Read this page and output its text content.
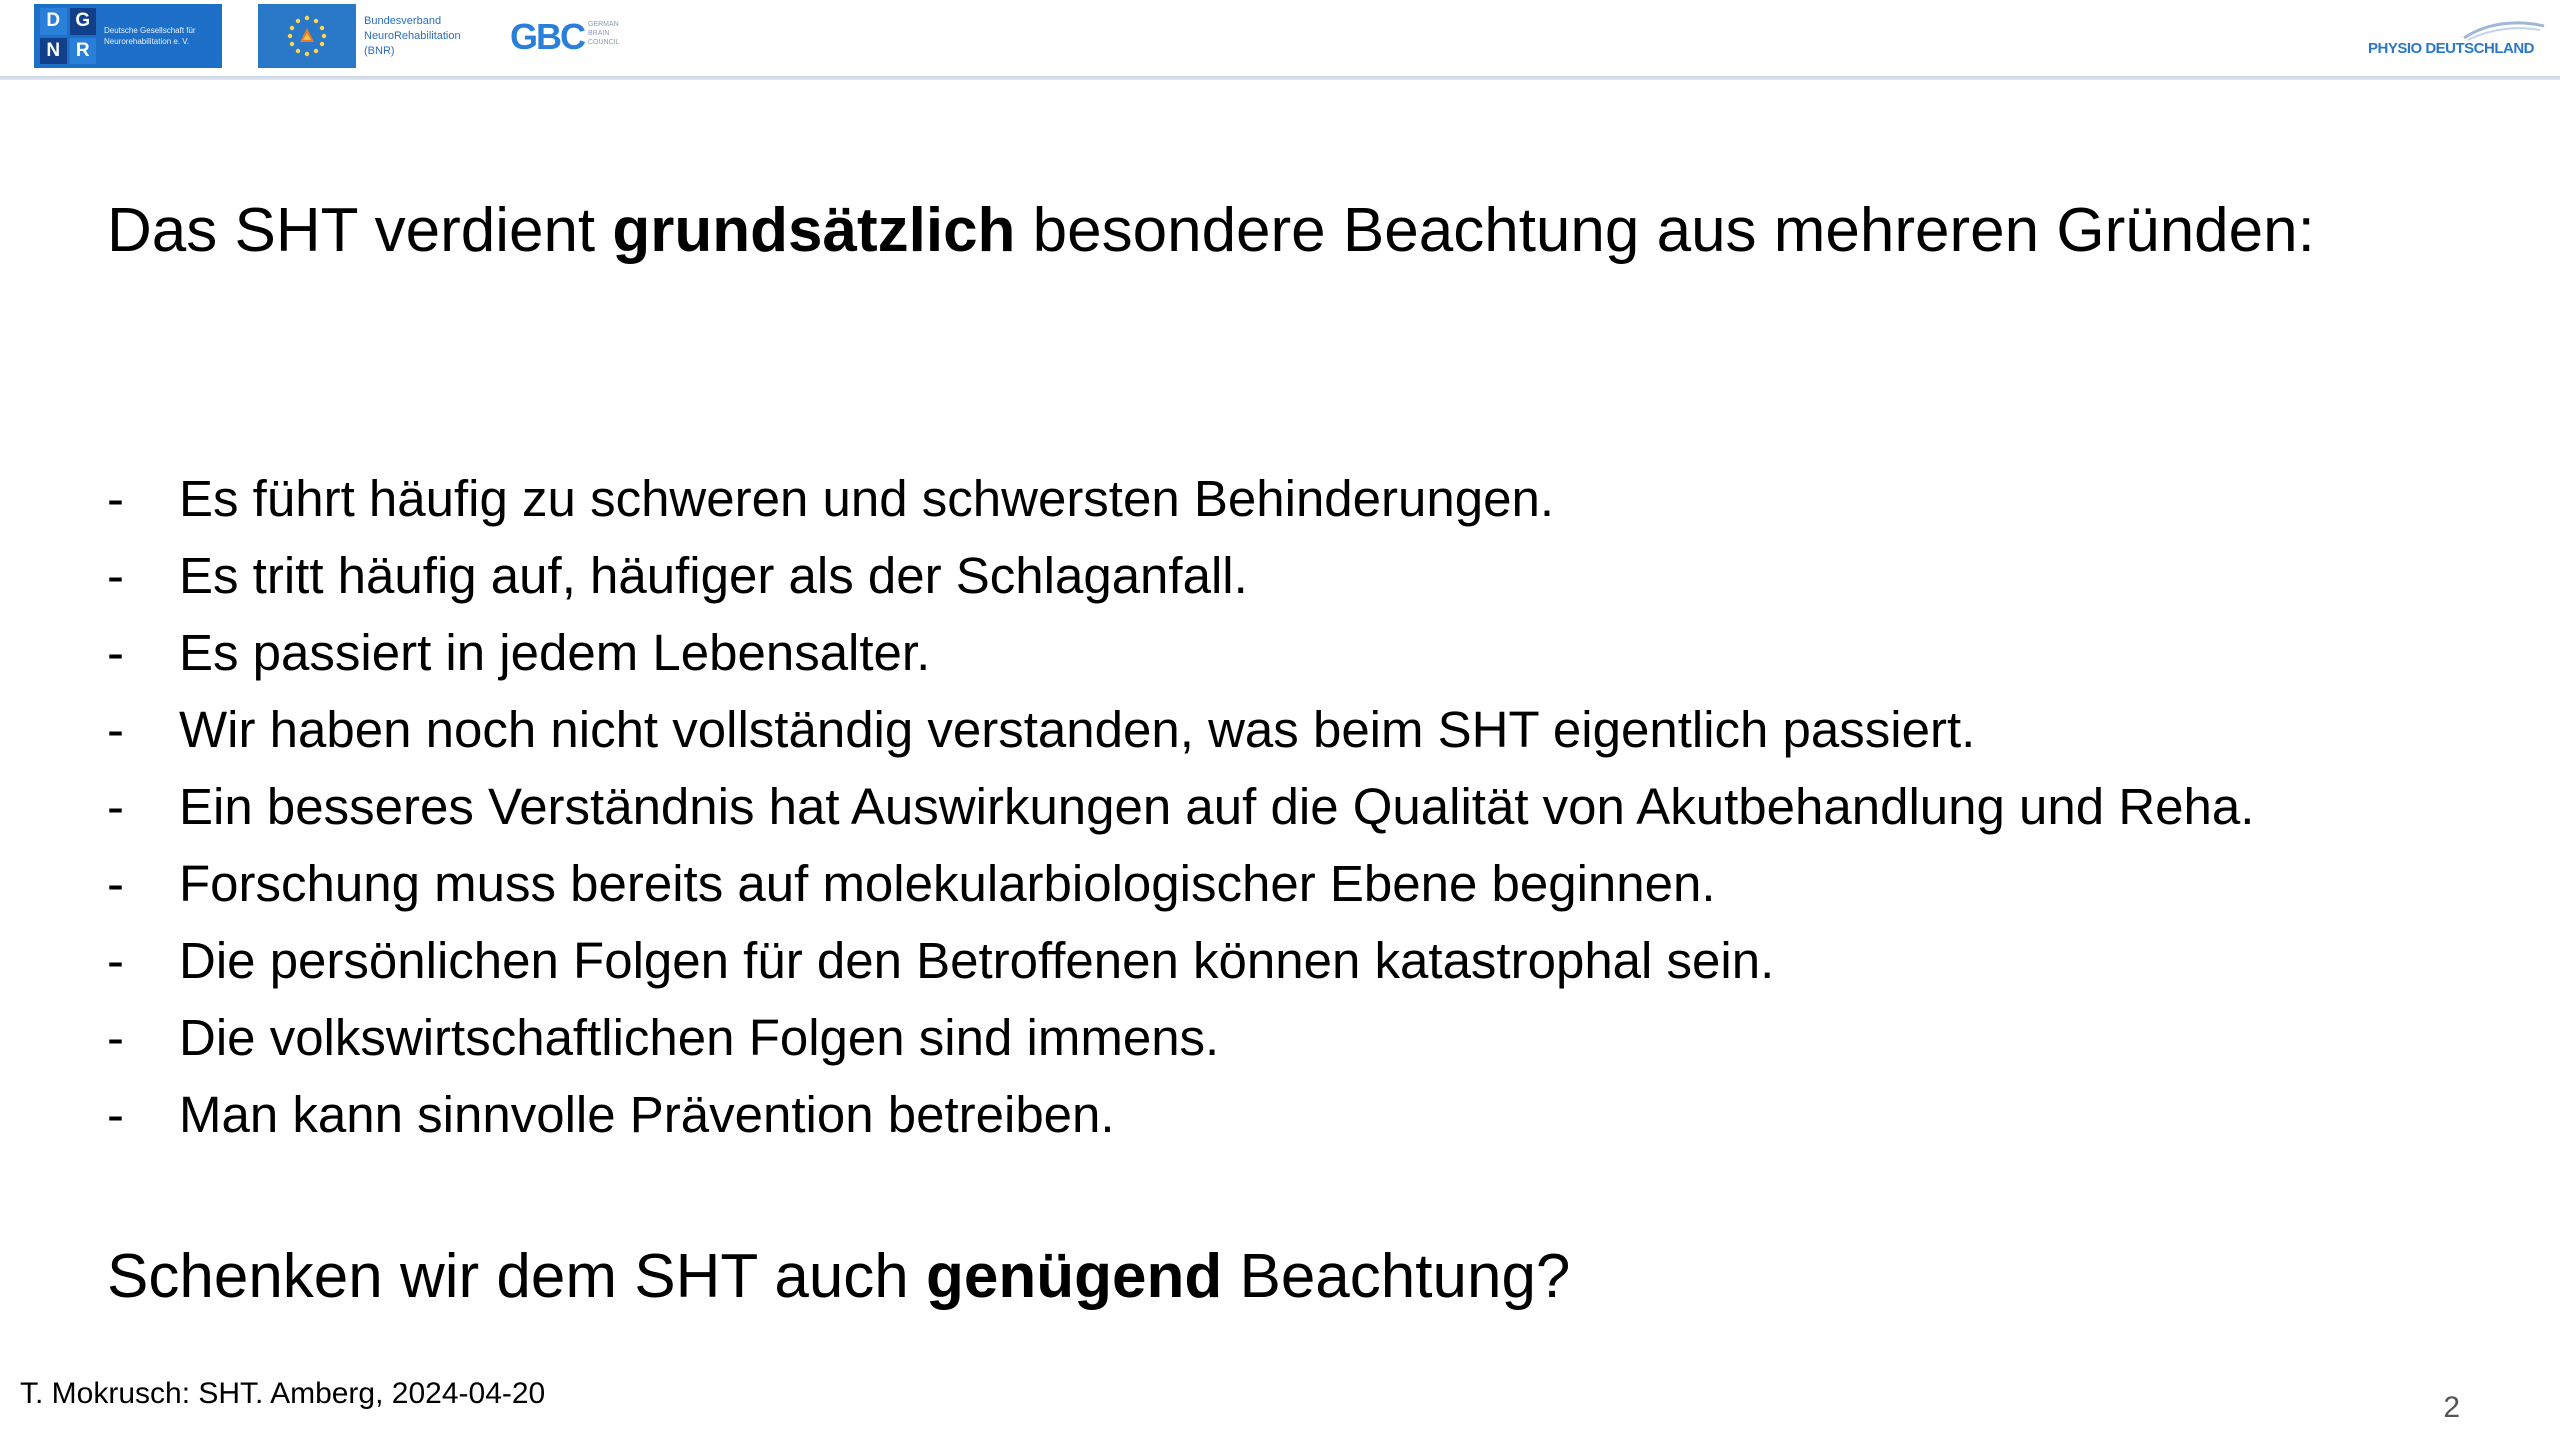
D G
N R
Deutsche Gesellschaft für Neurorehabilitation e. V.
Bundesverband
NeuroRehabilitation
(BNR)	GBC GERMAN BRAIN COUNCIL	PHYSIO DEUTSCHLAND
Das SHT verdient grundsätzlich besondere Beachtung aus mehreren Gründen:
-	Es führt häufig zu schweren und schwersten Behinderungen.
-	Es tritt häufig auf, häufiger als der Schlaganfall.
-	Es passiert in jedem Lebensalter.
-	Wir haben noch nicht vollständig verstanden, was beim SHT eigentlich passiert.
-	Ein besseres Verständnis hat Auswirkungen auf die Qualität von Akutbehandlung und Reha.
-	Forschung muss bereits auf molekularbiologischer Ebene beginnen.
-	Die persönlichen Folgen für den Betroffenen können katastrophal sein.
-	Die volkswirtschaftlichen Folgen sind immens.
-	Man kann sinnvolle Prävention betreiben.
Schenken wir dem SHT auch genügend Beachtung?
T. Mokrusch: SHT. Amberg, 2024-04-20	2
